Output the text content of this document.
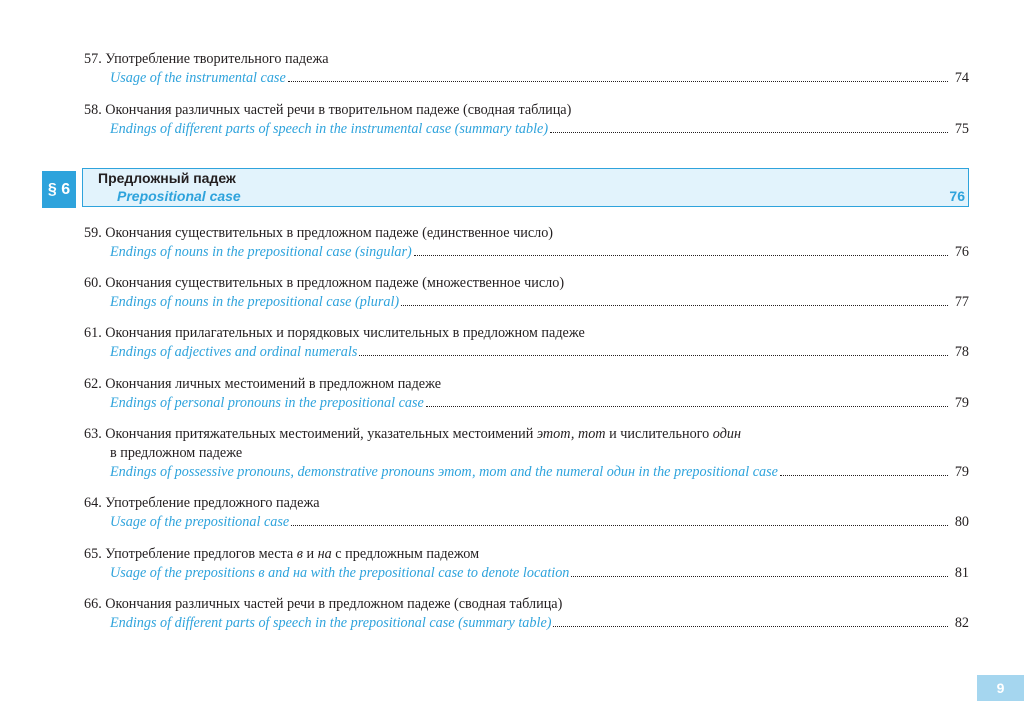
57. Употребление творительного падежа
Usage of the instrumental case	74
58. Окончания различных частей речи в творительном падеже (сводная таблица)
Endings of different parts of speech in the instrumental case (summary table)	75
§ 6
Предложный падеж
Prepositional case	76
59. Окончания существительных в предложном падеже (единственное число)
Endings of nouns in the prepositional case (singular)	76
60. Окончания существительных в предложном падеже (множественное число)
Endings of nouns in the prepositional case (plural)	77
61. Окончания прилагательных и порядковых числительных в предложном падеже
Endings of adjectives and ordinal numerals	78
62. Окончания личных местоимений в предложном падеже
Endings of personal pronouns in the prepositional case	79
63. Окончания притяжательных местоимений, указательных местоимений этот, тот и числительного один
в предложном падеже
Endings of possessive pronouns, demonstrative pronouns этот, тот and the numeral один in the prepositional case	79
64. Употребление предложного падежа
Usage of the prepositional case	80
65. Употребление предлогов места в и на с предложным падежом
Usage of the prepositions в and на with the prepositional case to denote location	81
66. Окончания различных частей речи в предложном падеже (сводная таблица)
Endings of different parts of speech in the prepositional case (summary table)	82
9
